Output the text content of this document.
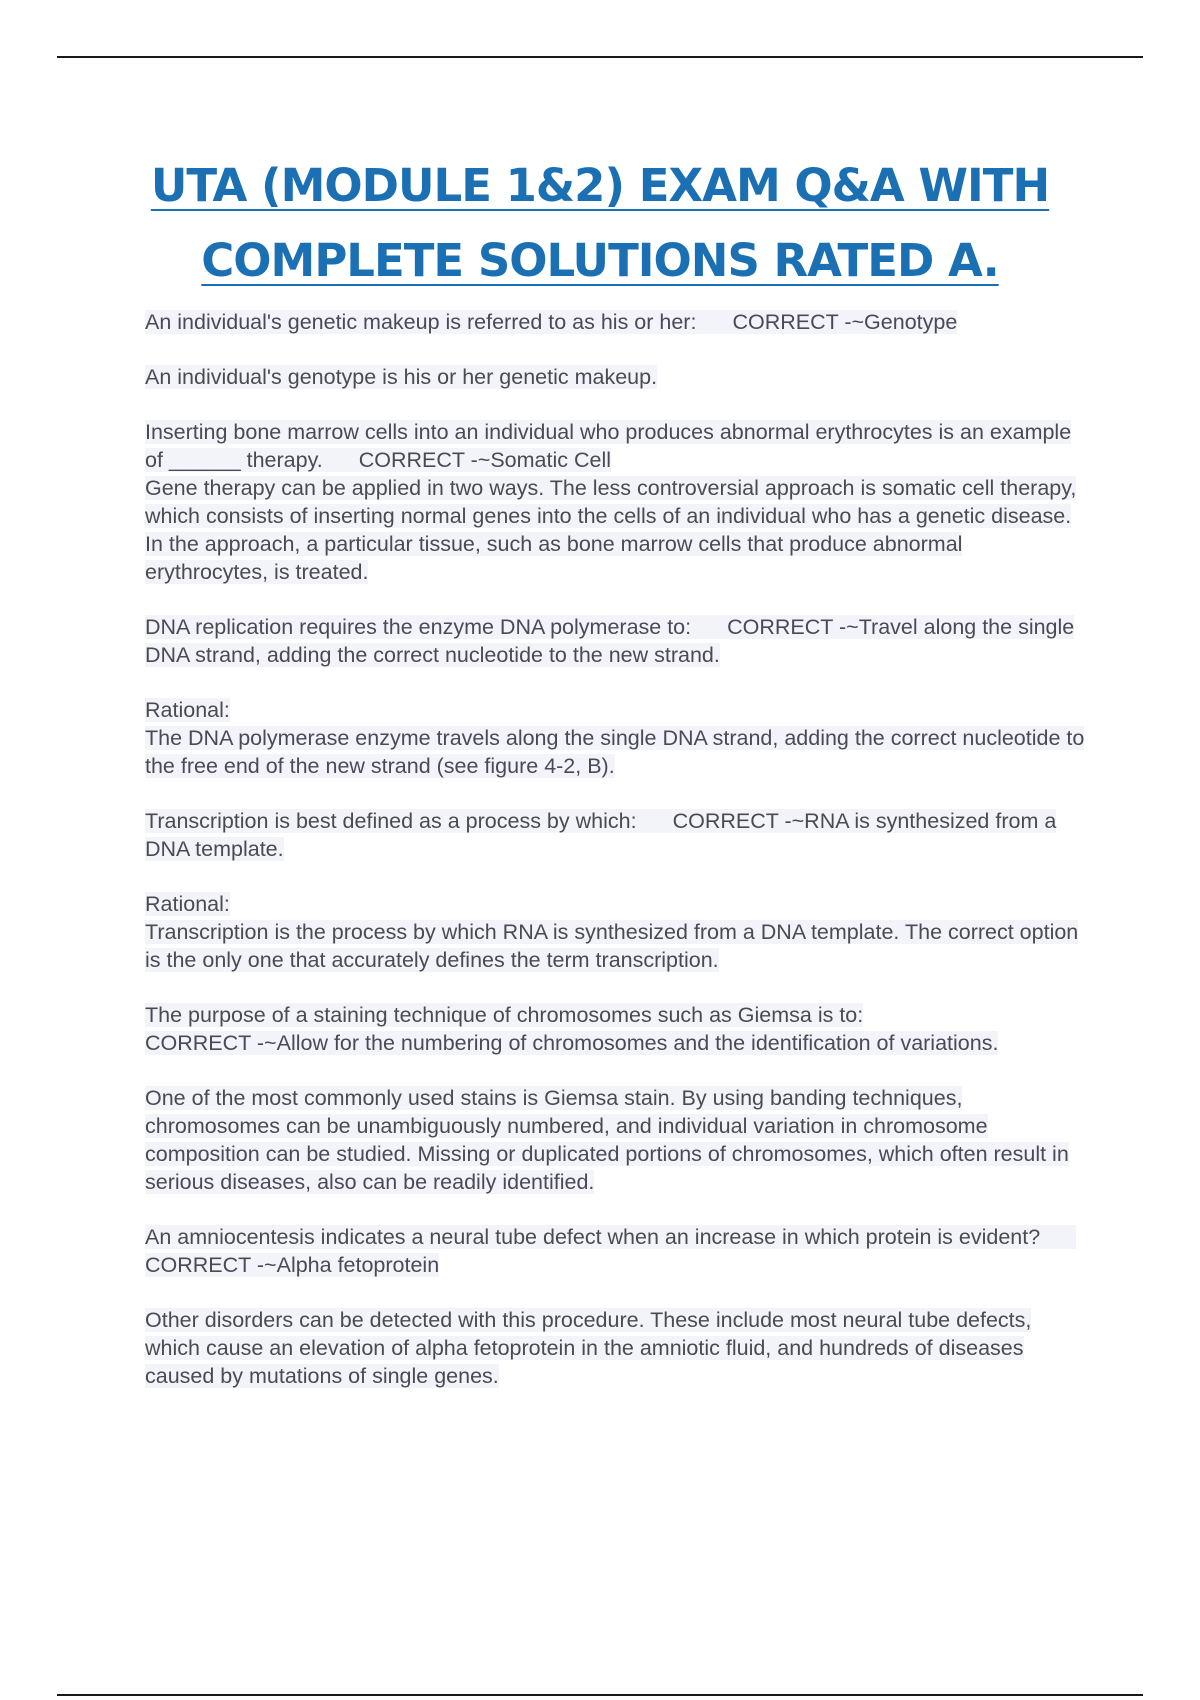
UTA (MODULE 1&2) EXAM Q&A WITH
COMPLETE SOLUTIONS RATED A.

An individual's genetic makeup is referred to as his or her: CORRECT -~Genotype

An individual's genotype is his or her genetic makeup.

Inserting bone marrow cells into an individual who produces abnormal erythrocytes is an example of ______ therapy. CORRECT -~Somatic Cell

Gene therapy can be applied in two ways. The less controversial approach is somatic cell therapy, which consists of inserting normal genes into the cells of an individual who has a genetic disease. In the approach, a particular tissue, such as bone marrow cells that produce abnormal erythrocytes, is treated.

DNA replication requires the enzyme DNA polymerase to: CORRECT -~Travel along the single DNA strand, adding the correct nucleotide to the new strand.

Rational:
The DNA polymerase enzyme travels along the single DNA strand, adding the correct nucleotide to the free end of the new strand (see figure 4-2, B).

Transcription is best defined as a process by which: CORRECT -~RNA is synthesized from a DNA template.

Rational:
Transcription is the process by which RNA is synthesized from a DNA template. The correct option is the only one that accurately defines the term transcription.

The purpose of a staining technique of chromosomes such as Giemsa is to:
CORRECT -~Allow for the numbering of chromosomes and the identification of variations.

One of the most commonly used stains is Giemsa stain. By using banding techniques, chromosomes can be unambiguously numbered, and individual variation in chromosome composition can be studied. Missing or duplicated portions of chromosomes, which often result in serious diseases, also can be readily identified.

An amniocentesis indicates a neural tube defect when an increase in which protein is evident?CORRECT -~Alpha fetoprotein

Other disorders can be detected with this procedure. These include most neural tube defects, which cause an elevation of alpha fetoprotein in the amniotic fluid, and hundreds of diseases caused by mutations of single genes.
